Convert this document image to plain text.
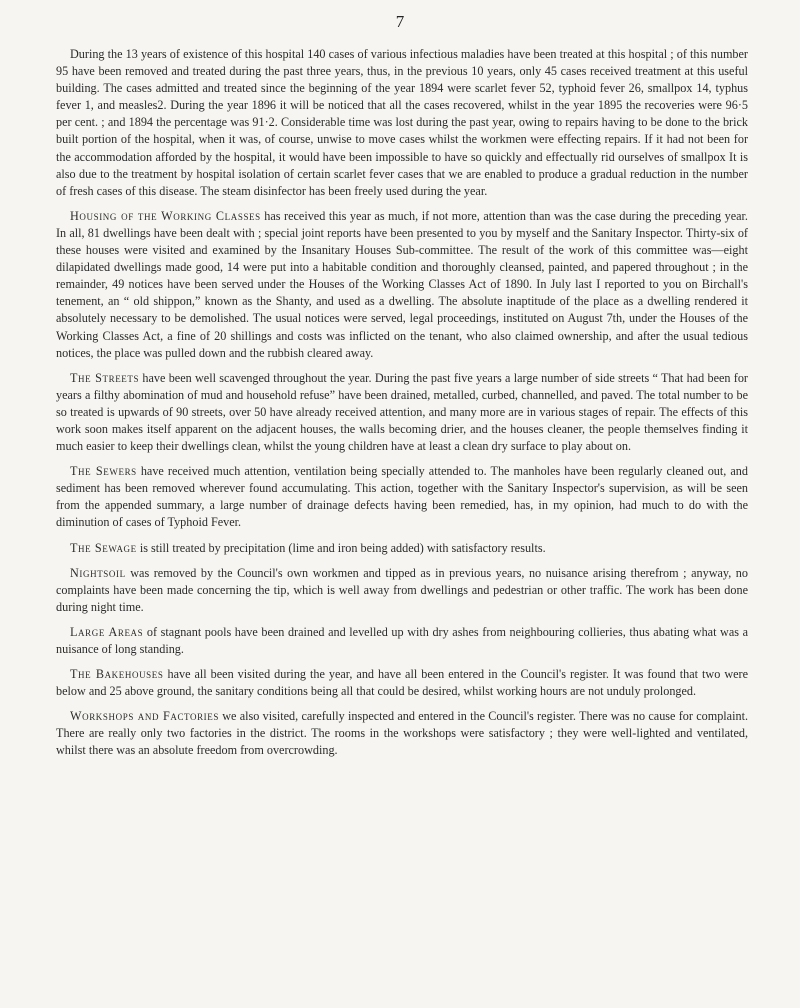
7

During the 13 years of existence of this hospital 140 cases of various infectious maladies have been treated at this hospital ; of this number 95 have been removed and treated during the past three years, thus, in the previous 10 years, only 45 cases received treatment at this useful building. The cases admitted and treated since the beginning of the year 1894 were scarlet fever 52, typhoid fever 26, smallpox 14, typhus fever 1, and measles2. During the year 1896 it will be noticed that all the cases recovered, whilst in the year 1895 the recoveries were 96·5 per cent. ; and 1894 the percentage was 91·2. Considerable time was lost during the past year, owing to repairs having to be done to the brick built portion of the hospital, when it was, of course, unwise to move cases whilst the workmen were effecting repairs. If it had not been for the accommodation afforded by the hospital, it would have been impossible to have so quickly and effectually rid ourselves of smallpox It is also due to the treatment by hospital isolation of certain scarlet fever cases that we are enabled to produce a gradual reduction in the number of fresh cases of this disease. The steam disinfector has been freely used during the year.

Housing of the Working Classes has received this year as much, if not more, attention than was the case during the preceding year. In all, 81 dwellings have been dealt with ; special joint reports have been presented to you by myself and the Sanitary Inspector. Thirty-six of these houses were visited and examined by the Insanitary Houses Sub-committee. The result of the work of this committee was—eight dilapidated dwellings made good, 14 were put into a habitable condition and thoroughly cleansed, painted, and papered throughout ; in the remainder, 49 notices have been served under the Houses of the Working Classes Act of 1890. In July last I reported to you on Birchall's tenement, an “ old shippon,” known as the Shanty, and used as a dwelling. The absolute inaptitude of the place as a dwelling rendered it absolutely necessary to be demolished. The usual notices were served, legal proceedings, instituted on August 7th, under the Houses of the Working Classes Act, a fine of 20 shillings and costs was inflicted on the tenant, who also claimed ownership, and after the usual tedious notices, the place was pulled down and the rubbish cleared away.

The Streets have been well scavenged throughout the year. During the past five years a large number of side streets “ That had been for years a filthy abomination of mud and household refuse” have been drained, metalled, curbed, channelled, and paved. The total number to be so treated is upwards of 90 streets, over 50 have already received attention, and many more are in various stages of repair. The effects of this work soon makes itself apparent on the adjacent houses, the walls becoming drier, and the houses cleaner, the people themselves finding it much easier to keep their dwellings clean, whilst the young children have at least a clean dry surface to play about on.

The Sewers have received much attention, ventilation being specially attended to. The manholes have been regularly cleaned out, and sediment has been removed wherever found accumulating. This action, together with the Sanitary Inspector's supervision, as will be seen from the appended summary, a large number of drainage defects having been remedied, has, in my opinion, had much to do with the diminution of cases of Typhoid Fever.

The Sewage is still treated by precipitation (lime and iron being added) with satisfactory results.

Nightsoil was removed by the Council's own workmen and tipped as in previous years, no nuisance arising therefrom ; anyway, no complaints have been made concerning the tip, which is well away from dwellings and pedestrian or other traffic. The work has been done during night time.

Large Areas of stagnant pools have been drained and levelled up with dry ashes from neighbouring collieries, thus abating what was a nuisance of long standing.

The Bakehouses have all been visited during the year, and have all been entered in the Council's register. It was found that two were below and 25 above ground, the sanitary conditions being all that could be desired, whilst working hours are not unduly prolonged.

Workshops and Factories we also visited, carefully inspected and entered in the Council's register. There was no cause for complaint. There are really only two factories in the district. The rooms in the workshops were satisfactory ; they were well-lighted and ventilated, whilst there was an absolute freedom from overcrowding.
